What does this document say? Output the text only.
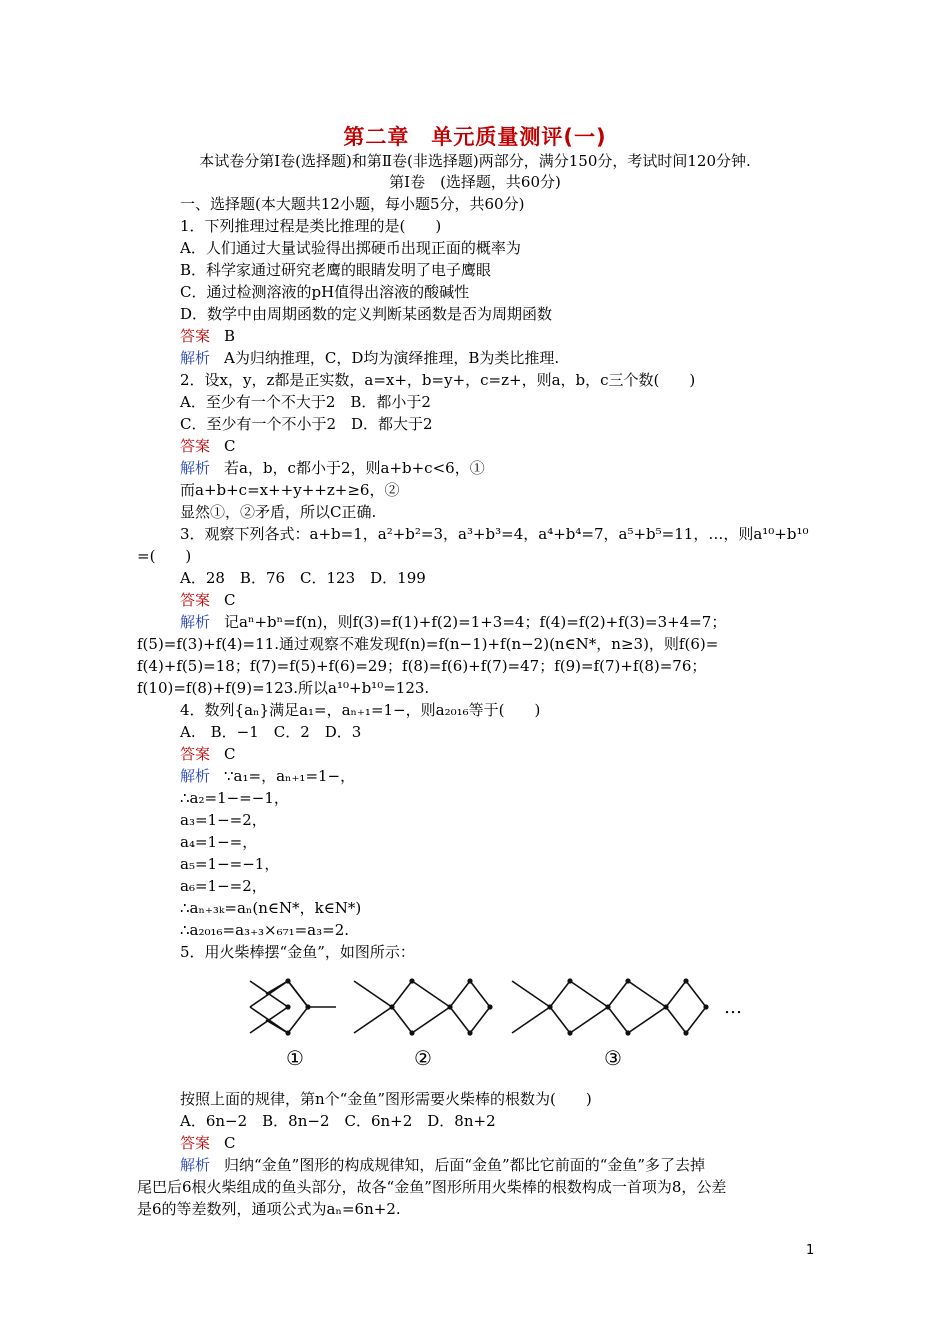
第二章　单元质量测评(一)
本试卷分第Ⅰ卷(选择题)和第Ⅱ卷(非选择题)两部分，满分150分，考试时间120分钟.
第Ⅰ卷　(选择题，共60分)
一、选择题(本大题共12小题，每小题5分，共60分)
1．下列推理过程是类比推理的是(　　)
A．人们通过大量试验得出掷硬币出现正面的概率为
B．科学家通过研究老鹰的眼睛发明了电子鹰眼
C．通过检测溶液的pH值得出溶液的酸碱性
D．数学中由周期函数的定义判断某函数是否为周期函数
答案 B
解析 A为归纳推理，C，D均为演绎推理，B为类比推理.
2．设x，y，z都是正实数，a=x+，b=y+，c=z+，则a，b，c三个数(　　)
A．至少有一个不大于2　B．都小于2
C．至少有一个不小于2　D．都大于2
答案 C
解析 若a，b，c都小于2，则a+b+c<6，①
而a+b+c=x++y++z+≥6，②
显然①，②矛盾，所以C正确.
3．观察下列各式：a+b=1，a²+b²=3，a³+b³=4，a⁴+b⁴=7，a⁵+b⁵=11，…，则a¹⁰+b¹⁰
=(　　)
A．28　B．76　C．123　D．199
答案 C
解析 记aⁿ+bⁿ=f(n)，则f(3)=f(1)+f(2)=1+3=4；f(4)=f(2)+f(3)=3+4=7；
f(5)=f(3)+f(4)=11.通过观察不难发现f(n)=f(n−1)+f(n−2)(n∈N*，n≥3)，则f(6)=
f(4)+f(5)=18；f(7)=f(5)+f(6)=29；f(8)=f(6)+f(7)=47；f(9)=f(7)+f(8)=76；
f(10)=f(8)+f(9)=123.所以a¹⁰+b¹⁰=123.
4．数列{aₙ}满足a₁=，aₙ₊₁=1−，则a₂₀₁₆等于(　　)
A.　B．−1　C．2　D．3
答案 C
解析 ∵a₁=，aₙ₊₁=1−，
∴a₂=1−=−1，
a₃=1−=2，
a₄=1−=，
a₅=1−=−1，
a₆=1−=2，
∴aₙ₊₃ₖ=aₙ(n∈N*，k∈N*)
∴a₂₀₁₆=a₃₊₃×₆₇₁=a₃=2.
5．用火柴棒摆“金鱼”，如图所示：
…
①	②	③
按照上面的规律，第n个“金鱼”图形需要火柴棒的根数为(　　)
A．6n−2　B．8n−2　C．6n+2　D．8n+2
答案 C
解析 归纳“金鱼”图形的构成规律知，后面“金鱼”都比它前面的“金鱼”多了去掉
尾巴后6根火柴组成的鱼头部分，故各“金鱼”图形所用火柴棒的根数构成一首项为8，公差
是6的等差数列，通项公式为aₙ=6n+2.
1
